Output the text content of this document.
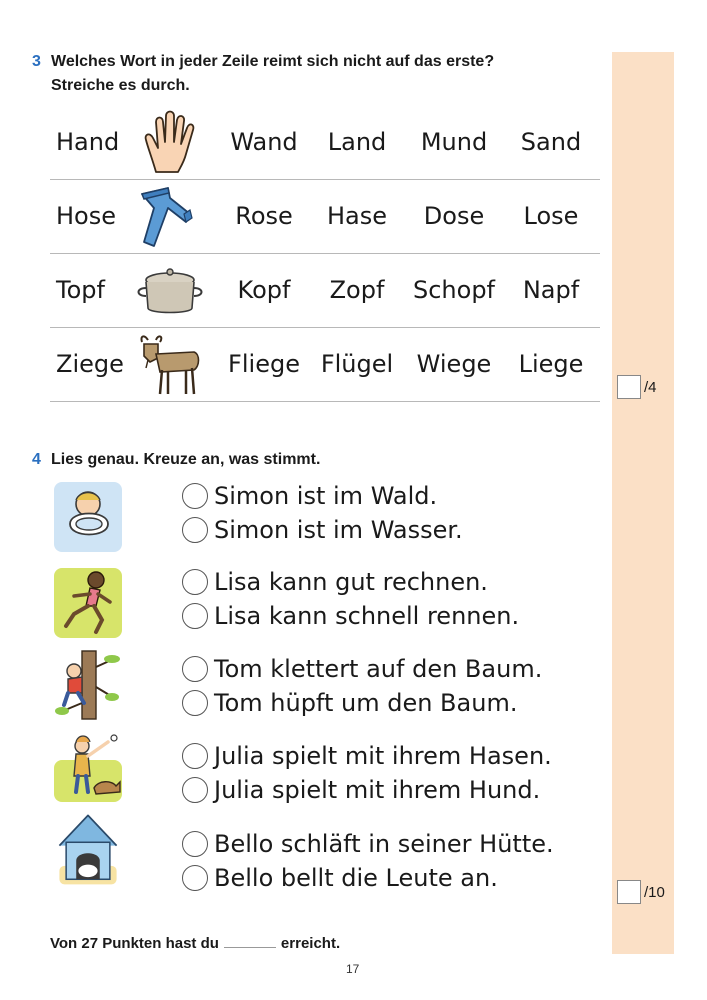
3 Welches Wort in jeder Zeile reimt sich nicht auf das erste?
Streiche es durch.
Hand	Wand Land Mund Sand
Hose	Rose Hase Dose Lose
Topf	Kopf Zopf Schopf Napf
Ziege	Fliege Flügel Wiege Liege
/4
4 Lies genau. Kreuze an, was stimmt.
Simon ist im Wald.
Simon ist im Wasser.
Lisa kann gut rechnen.
Lisa kann schnell rennen.
Tom klettert auf den Baum.
Tom hüpft um den Baum.
Julia spielt mit ihrem Hasen.
Julia spielt mit ihrem Hund.
Bello schläft in seiner Hütte.
Bello bellt die Leute an.	/10
Von 27 Punkten hast du	erreicht.
17
